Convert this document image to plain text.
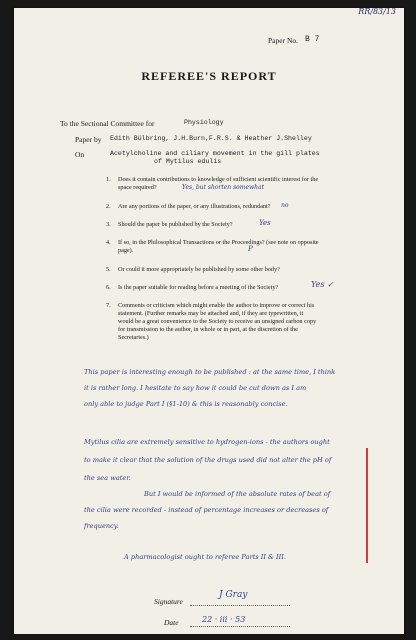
RR/83/13
Paper No. B 7
REFEREE'S REPORT
To the Sectional Committee for	Physiology
Paper by Edith Bülbring, J.H.Burn,F.R.S. & Heather J.Shelley
On	Acetylcholine and ciliary movement in the gill plates
of Mytilus edulis
1. Does it contain contributions to knowledge of sufficient scientific interest for the
space required?	Yes, but shorten somewhat
2. Are any portions of the paper, or any illustrations, redundant? no
3. Should the paper be published by the Society?	Yes
4. If so, in the Philosophical Transactions or the Proceedings? (see note on opposite
page).	P
5. Or could it more appropriately be published by some other body?
6. Is the paper suitable for reading before a meeting of the Society?	Yes ✓
7. Comments or criticism which might enable the author to improve or correct his
statement. (Further remarks may be attached and, if they are typewritten, it
would be a great convenience to the Society to receive an unsigned carbon copy
for transmission to the author, in whole or in part, at the discretion of the
Secretaries.)
This paper is interesting enough to be published : at the same time, I think
it is rather long. I hesitate to say how it could be cut down as I am
only able to judge Part I (§1-10) & this is reasonably concise.
Mytilus cilia are extremely sensitive to hydrogen-ions - the authors ought
to make it clear that the solution of the drugs used did not alter the pH of
the sea water.
But I would be informed of the absolute rates of beat of
the cilia were recorded - instead of percentage increases or decreases of
frequency.
A pharmacologist ought to referee Parts II & III.
Signature
J Gray
Date	22 · iii · 53
